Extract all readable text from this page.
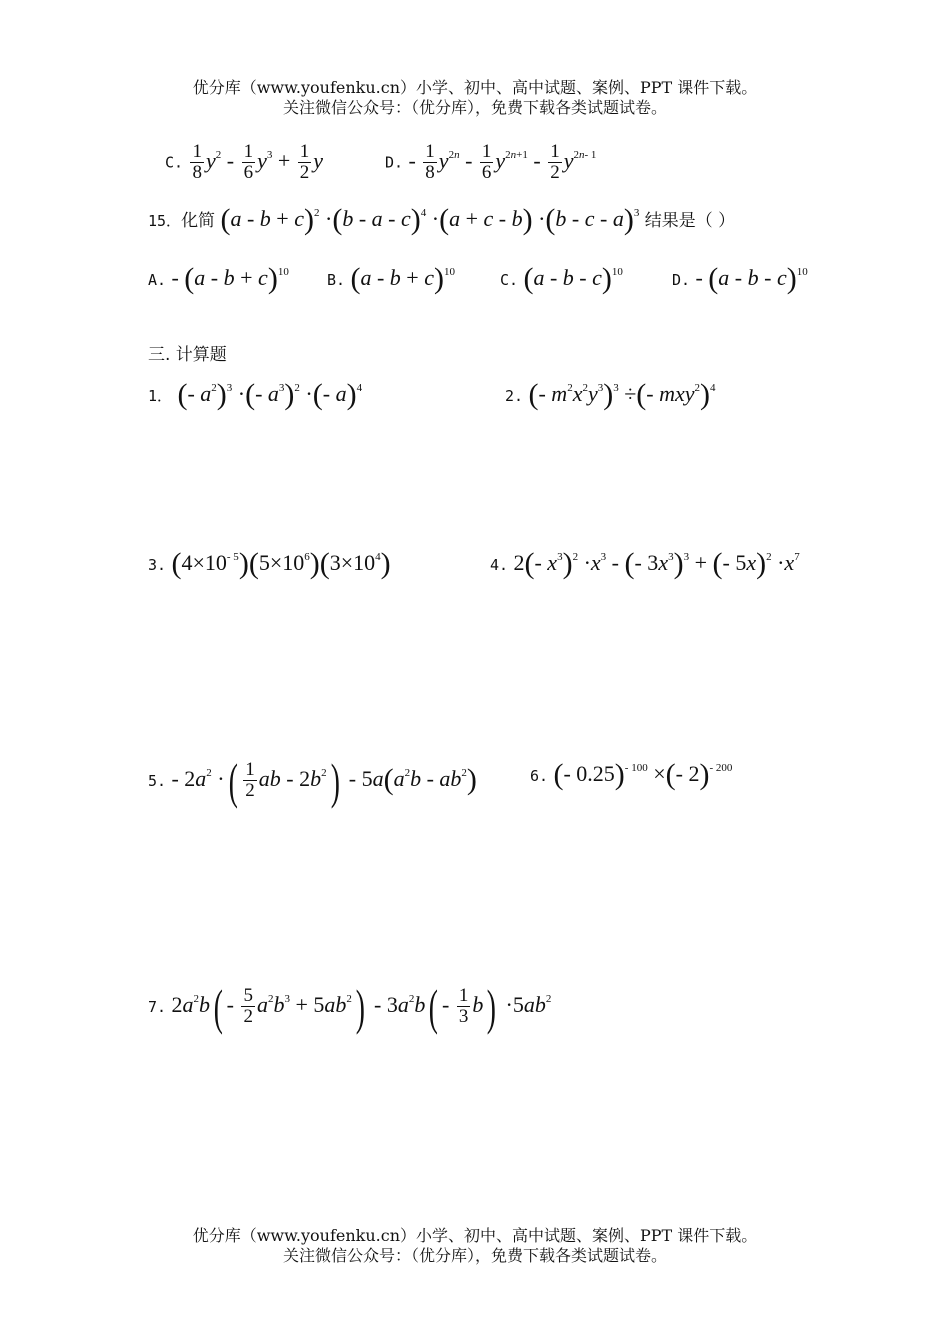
优分库（www.youfenku.cn）小学、初中、高中试题、案例、PPT 课件下载。
关注微信公众号：（优分库），免费下载各类试题试卷。
C. $\frac{1}{8} y^2 - \frac{1}{6} y^3 + \frac{1}{2}$ y	D. - $\frac{1}{8} y^{2n} - \frac{1}{6} y^{2n+1} - \frac{1}{2} y^{2n- 1}$
15．化简 $(a - b + c)^2 \cdot(b - a - c)^4 \cdot(a + c - b) \cdot(b - c - a)^3$ 结果是（ ）
A. - $(a - b + c)^{10}$	B. $(a - b + c)^{10}$	C. (a - b - c)$^{10}$	D. - (a - b - c)$^{10}$
三. 计算题
1． (- $a^2)^3$ ·(- $a^3)^2$ ·(- a)$^4$	2. (- $m^2x^2y^3)^3$ ÷(- mxy$^2$)$^4$
3. $(4\times 10^{- 5})(5\times 10^6)(3\times 10^4)$	4. 2(- $x^3)^2 \cdot x^3$ - (- $3x^3)^3$ + (- $5x)^2 \cdot x^7$
5. - $2a^2$ ·( $\frac{1}{2}$ ab - $2b^2) - 5a(a^2b - ab^2)$	6. (- 0.25)$^{- 100}$ ×(- 2)$^{- 200}$
7. $2a^2b( - \frac{5}{2} a^2b^3 + 5ab^2) - 3a^2b( - \frac{1}{3} b) \cdot 5ab^2$
优分库（www.youfenku.cn）小学、初中、高中试题、案例、PPT 课件下载。
关注微信公众号：（优分库），免费下载各类试题试卷。
